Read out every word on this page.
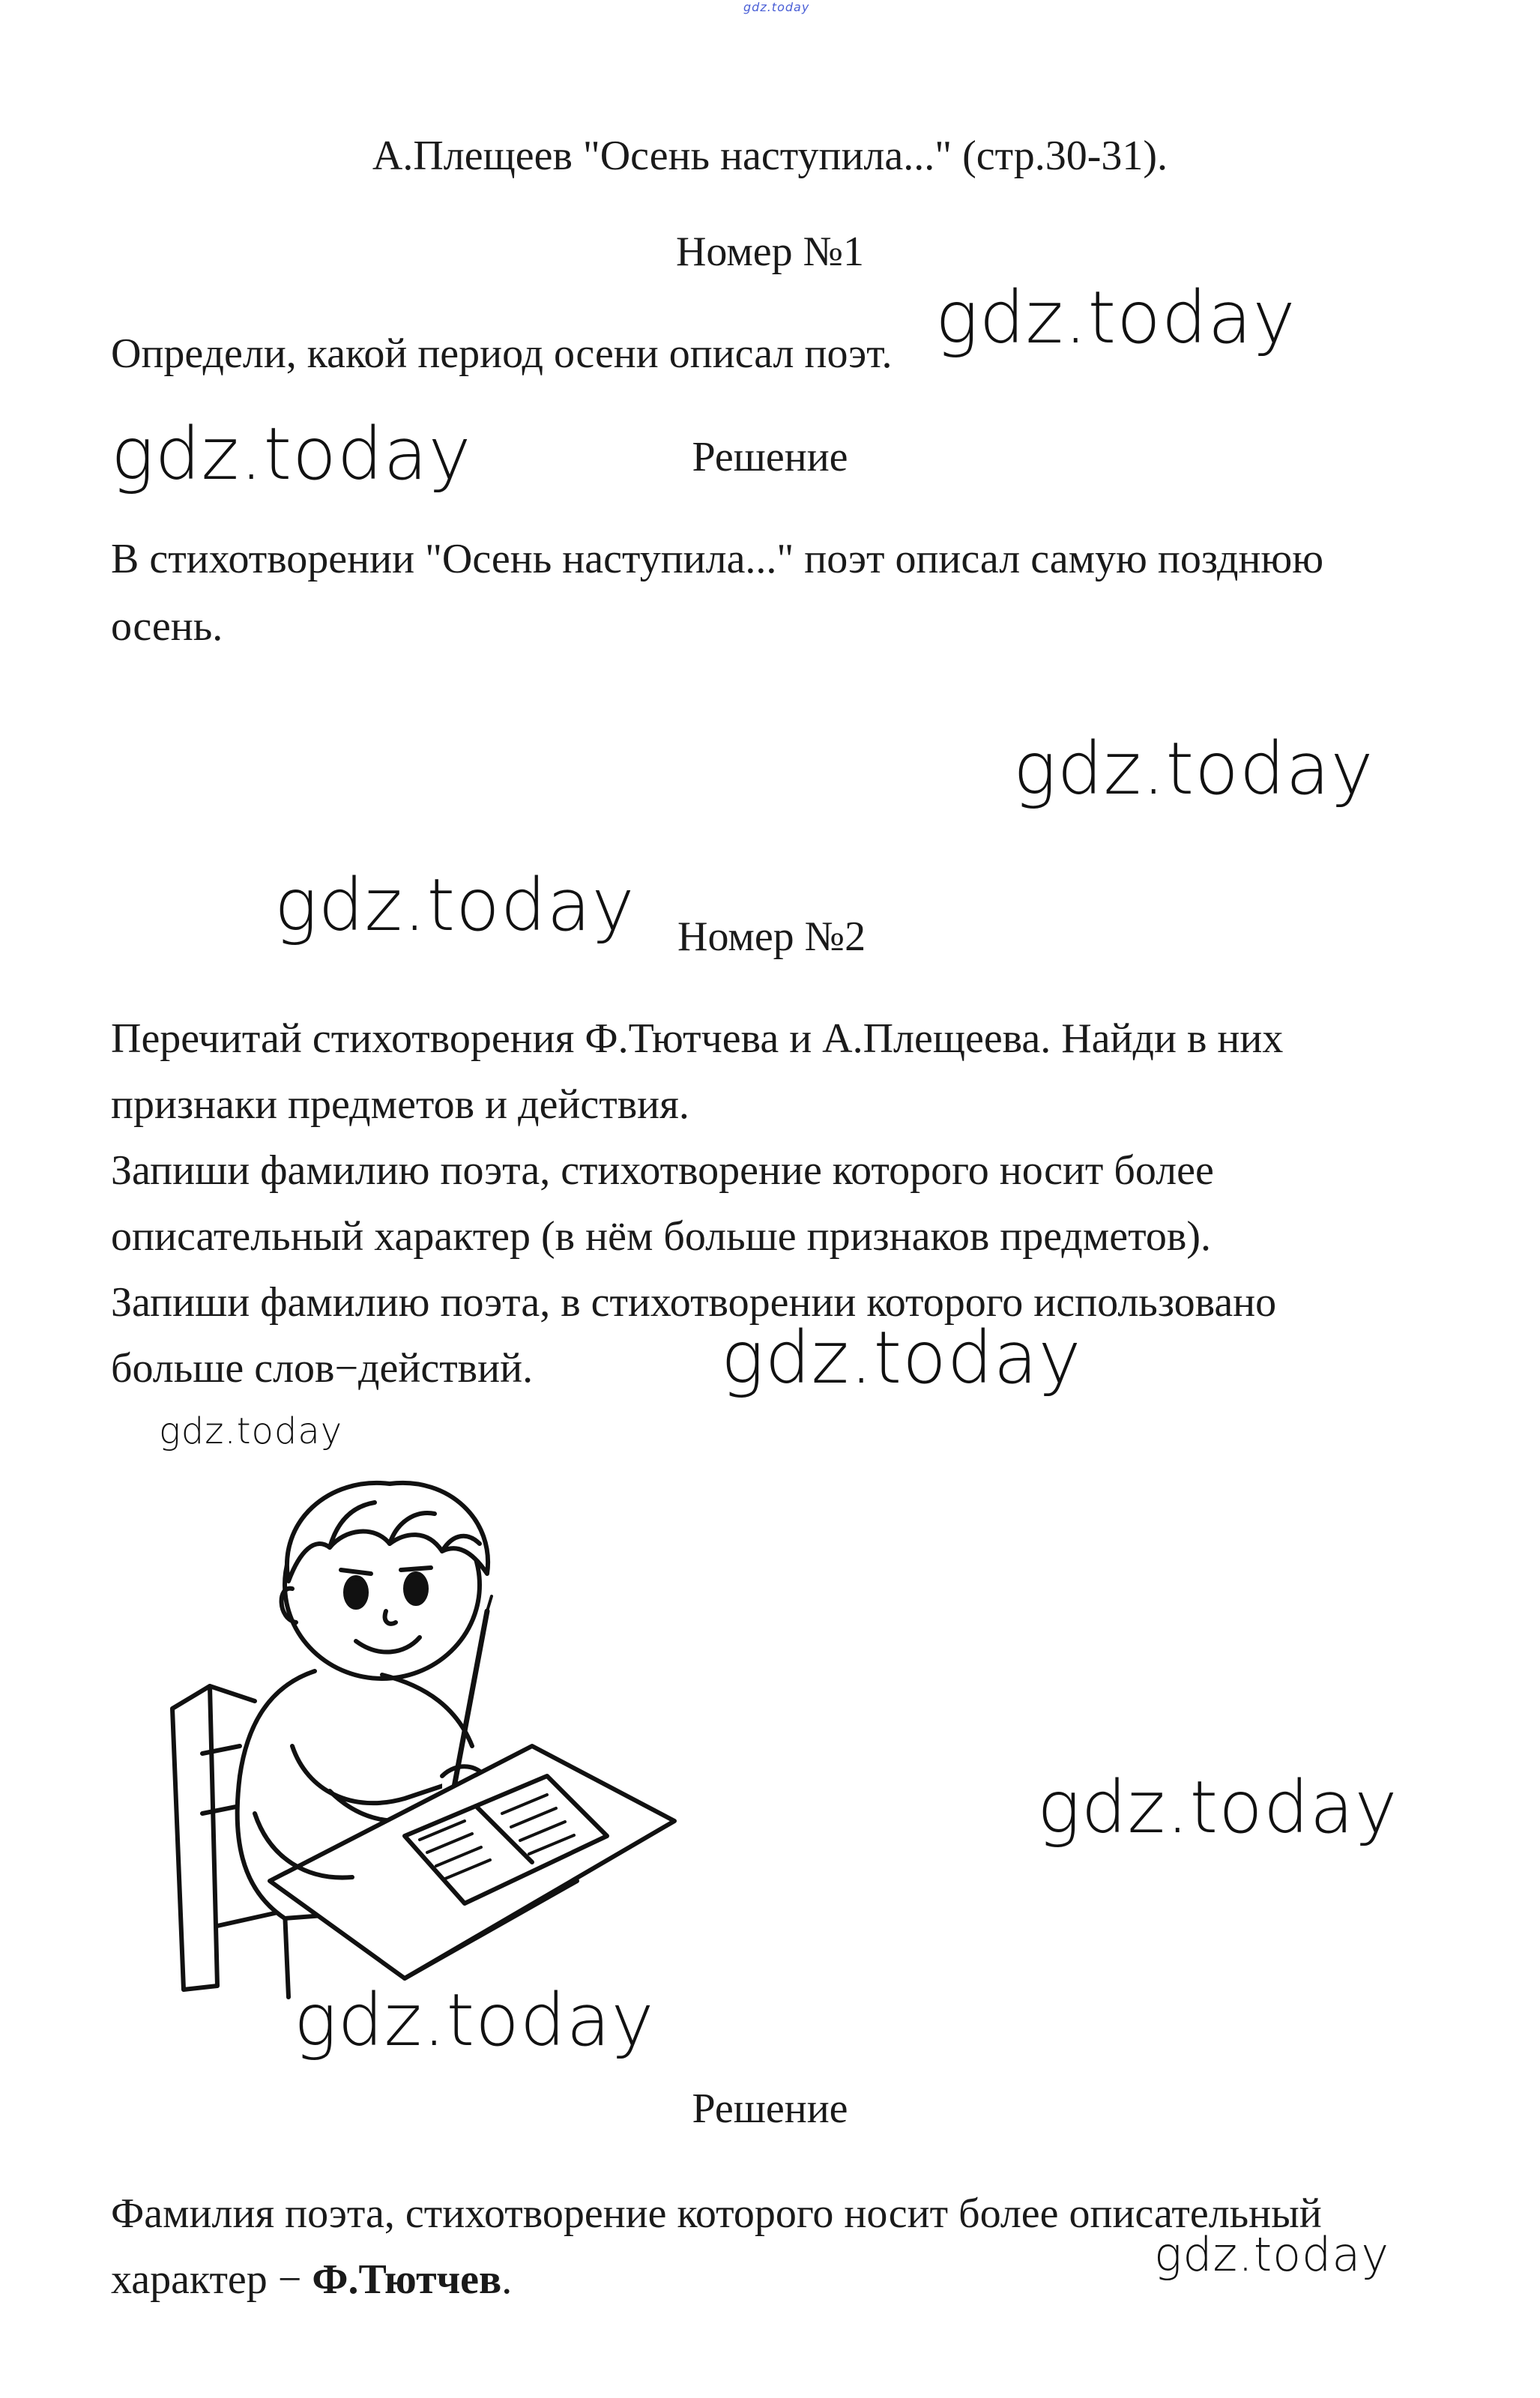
gdz.today
А.Плещеев "Осень наступила..." (стр.30-31).
Номер №1
Определи, какой период осени описал поэт.
Решение
В стихотворении "Осень наступила..." поэт описал самую позднюю
осень.
Номер №2
Перечитай стихотворения Ф.Тютчева и А.Плещеева. Найди в них
признаки предметов и действия.
Запиши фамилию поэта, стихотворение которого носит более
описательный характер (в нём больше признаков предметов).
Запиши фамилию поэта, в стихотворении которого использовано
больше слов−действий.
Решение
Фамилия поэта, стихотворение которого носит более описательный
характер − Ф.Тютчев.
gdz.today
gdz.today
gdz.today
gdz.today
gdz.today
gdz.today
gdz.today
gdz.today
gdz.today
